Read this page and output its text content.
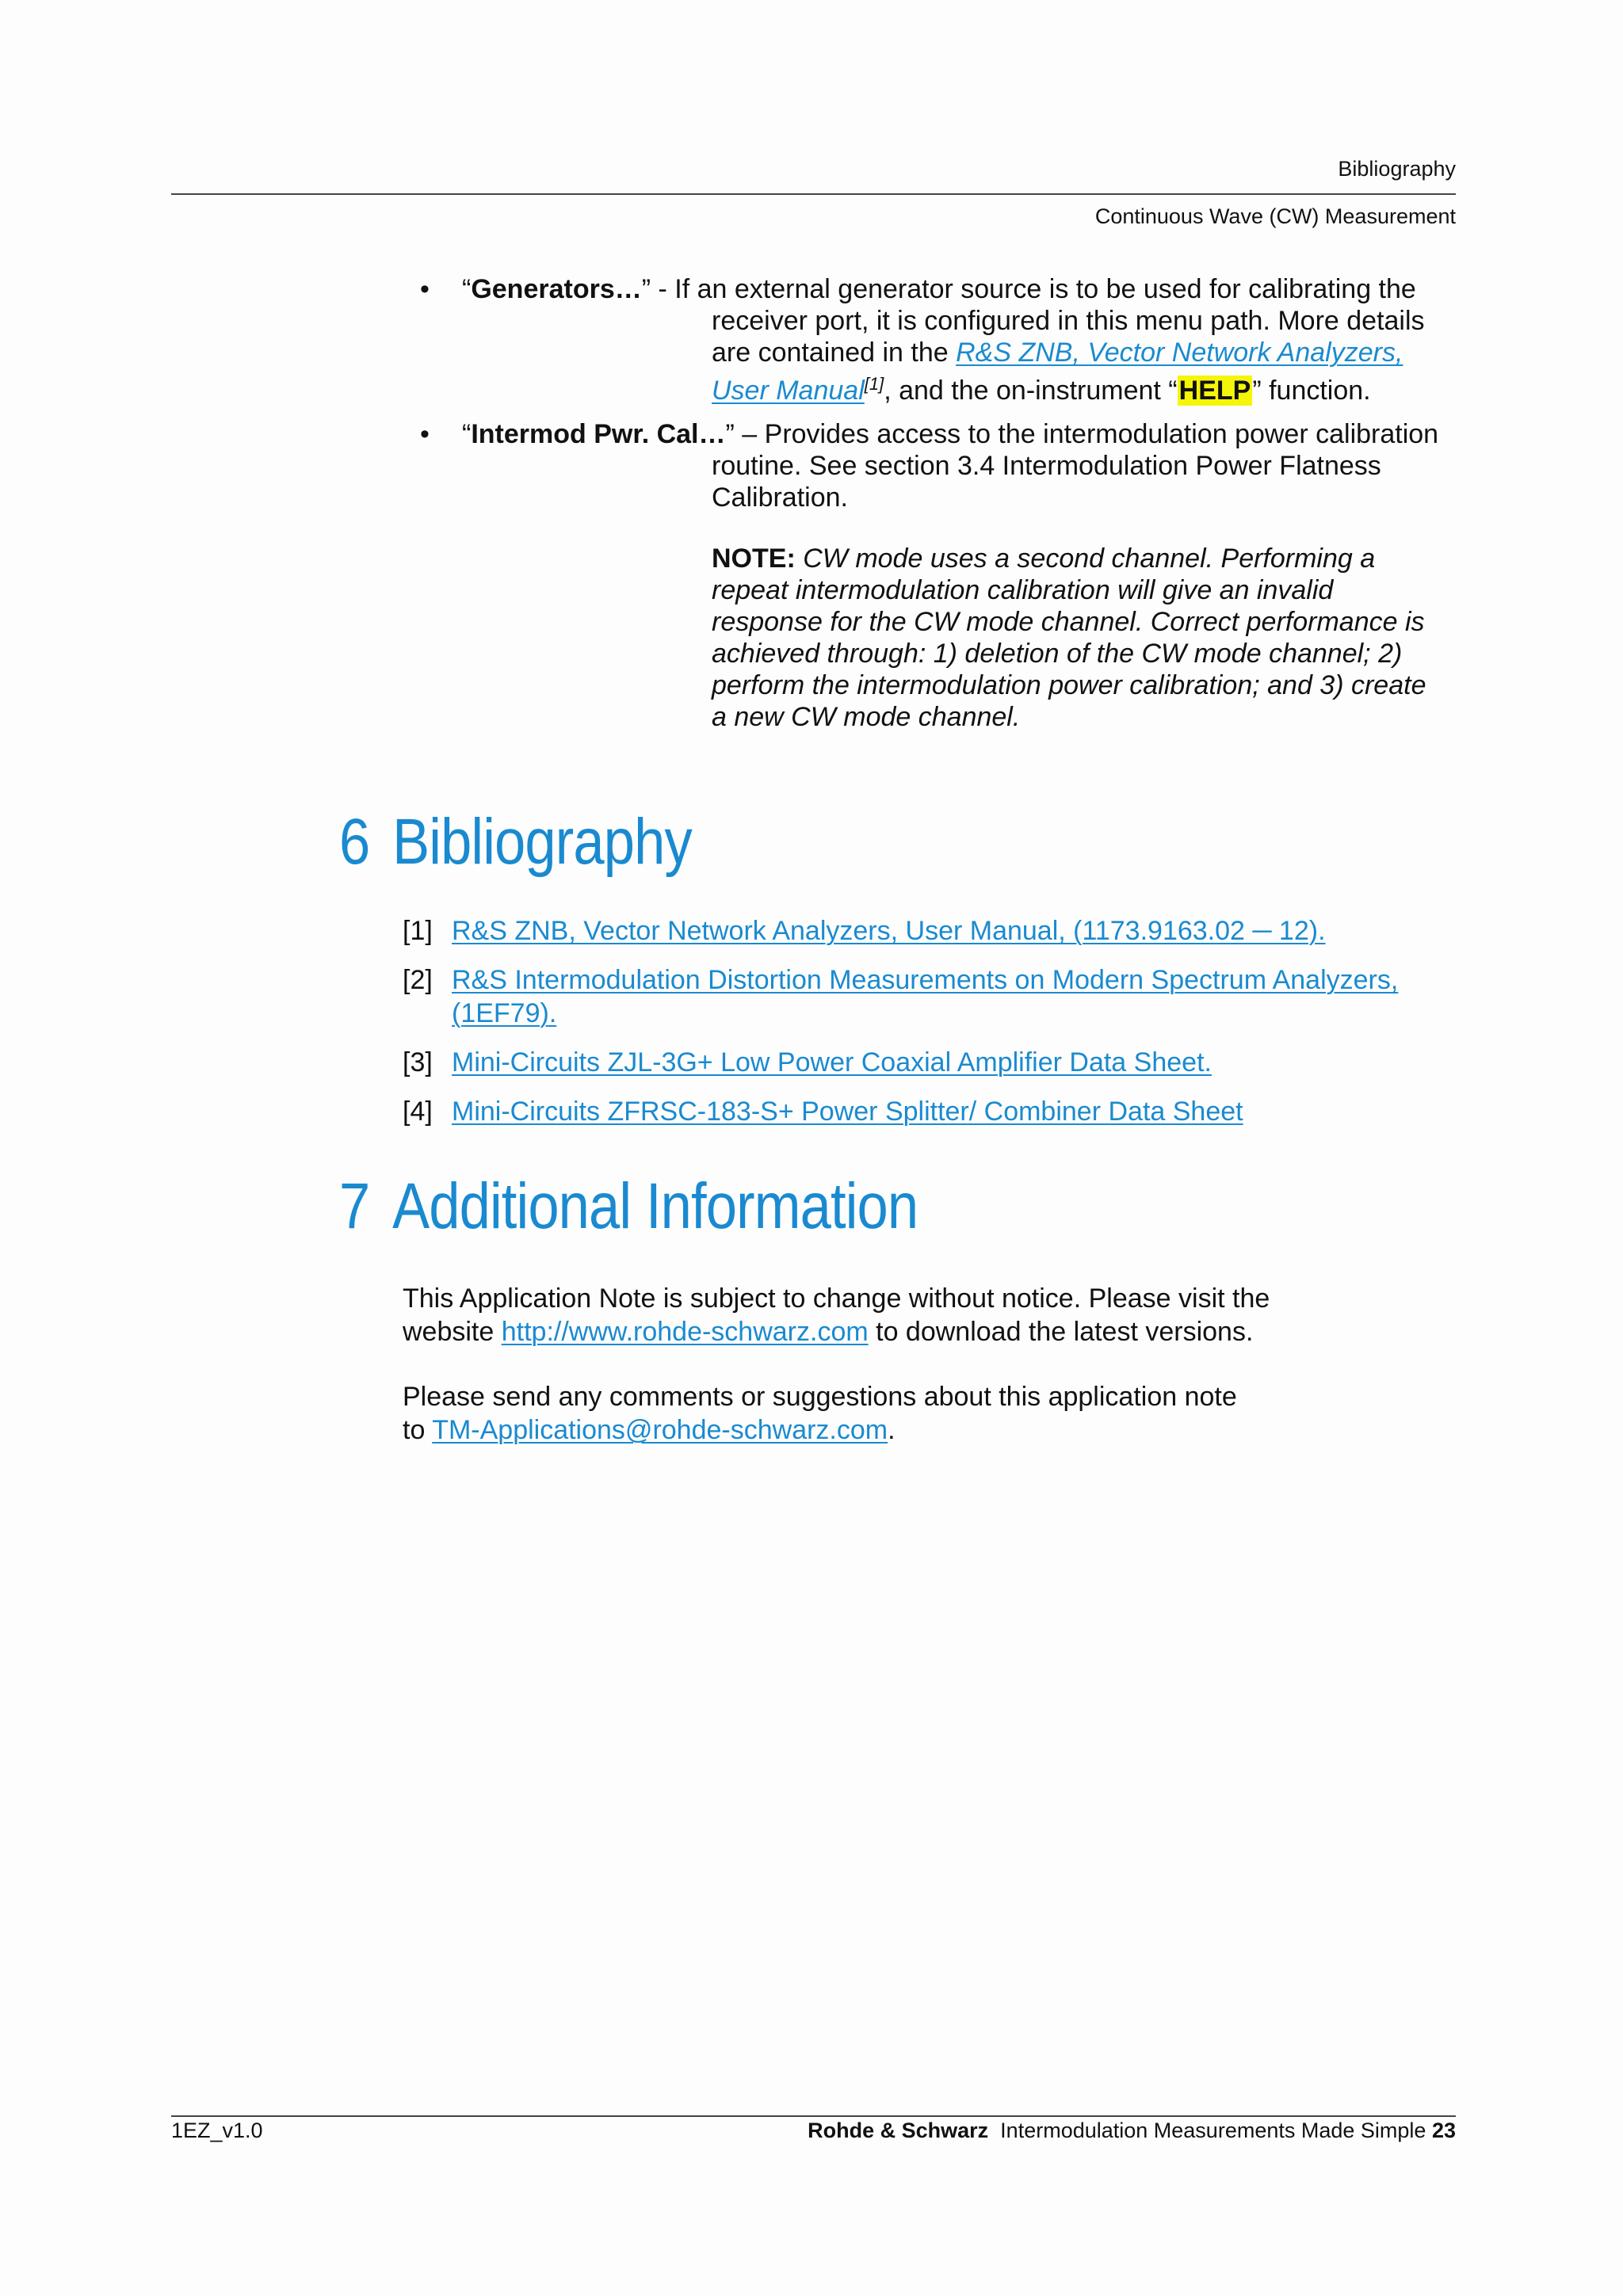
Bibliography
Continuous Wave (CW) Measurement
• “Generators…” - If an external generator source is to be used for calibrating the
receiver port, it is configured in this menu path. More details
are contained in the R&S ZNB, Vector Network Analyzers,
User Manual[1], and the on-instrument “HELP” function.
• “Intermod Pwr. Cal…” – Provides access to the intermodulation power calibration
routine. See section 3.4 Intermodulation Power Flatness
Calibration.
NOTE: CW mode uses a second channel. Performing a
repeat intermodulation calibration will give an invalid
response for the CW mode channel. Correct performance is
achieved through: 1) deletion of the CW mode channel; 2)
perform the intermodulation power calibration; and 3) create
a new CW mode channel.
6 Bibliography
[1] R&S ZNB, Vector Network Analyzers, User Manual, (1173.9163.02 ─ 12).
[2] R&S Intermodulation Distortion Measurements on Modern Spectrum Analyzers,
(1EF79).
[3] Mini-Circuits ZJL-3G+ Low Power Coaxial Amplifier Data Sheet.
[4] Mini-Circuits ZFRSC-183-S+ Power Splitter/ Combiner Data Sheet
7 Additional Information
This Application Note is subject to change without notice. Please visit the
website http://www.rohde-schwarz.com to download the latest versions.
Please send any comments or suggestions about this application note
to TM-Applications@rohde-schwarz.com.
1EZ_v1.0	Rohde & Schwarz Intermodulation Measurements Made Simple 23
